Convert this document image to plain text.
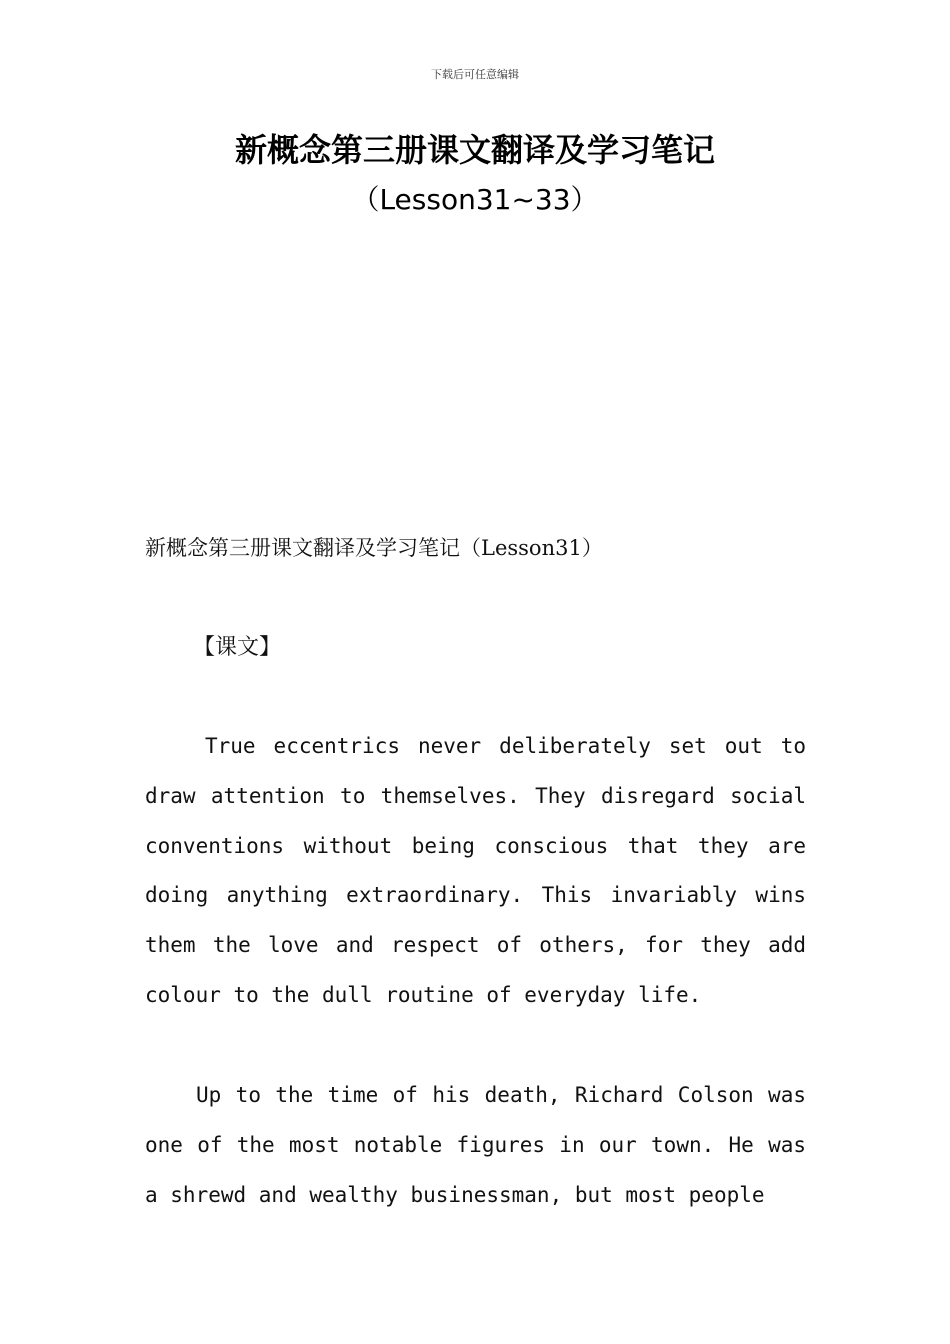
下载后可任意编辑
新概念第三册课文翻译及学习笔记
（Lesson31~33）
新概念第三册课文翻译及学习笔记（Lesson31）
【课文】

True eccentrics never deliberately set out to draw attention to themselves. They disregard social conventions without being conscious that they are doing anything extraordinary. This invariably wins them the love and respect of others, for they add colour to the dull routine of everyday life.

Up to the time of his death, Richard Colson was one of the most notable figures in our town. He was a shrewd and wealthy businessman, but most people
